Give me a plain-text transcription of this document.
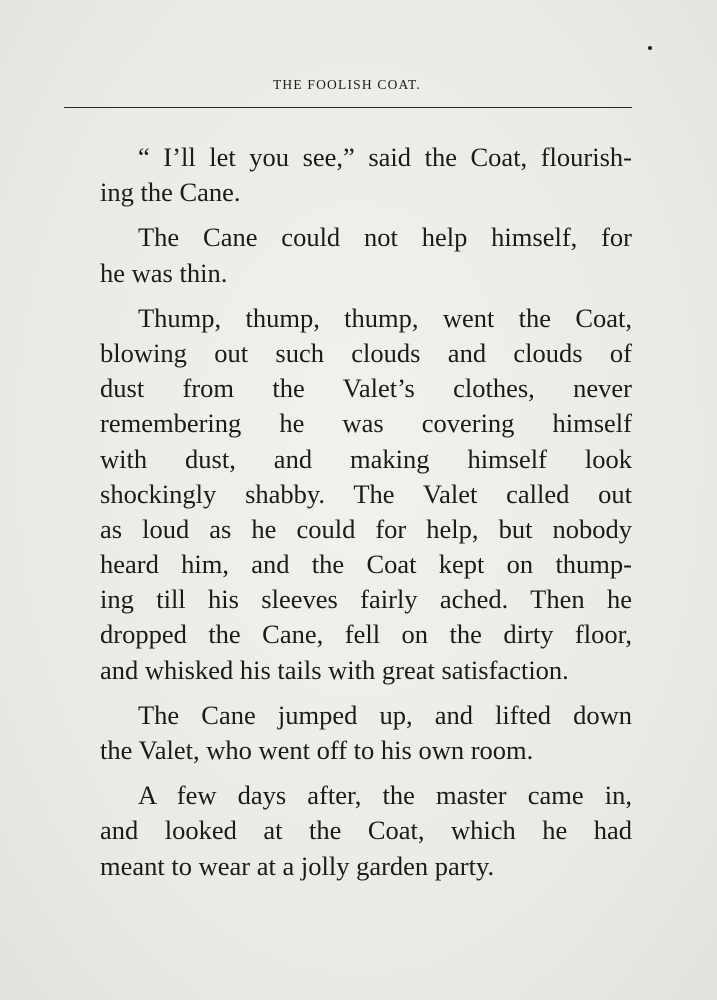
THE FOOLISH COAT.
“ I’ll let you see,” said the Coat, flourish-
ing the Cane.
The Cane could not help himself, for
he was thin.
Thump, thump, thump, went the Coat,
blowing out such clouds and clouds of
dust from the Valet’s clothes, never
remembering he was covering himself
with dust, and making himself look
shockingly shabby. The Valet called out
as loud as he could for help, but nobody
heard him, and the Coat kept on thump-
ing till his sleeves fairly ached. Then he
dropped the Cane, fell on the dirty floor,
and whisked his tails with great satisfaction.
The Cane jumped up, and lifted down
the Valet, who went off to his own room.
A few days after, the master came in,
and looked at the Coat, which he had
meant to wear at a jolly garden party.
